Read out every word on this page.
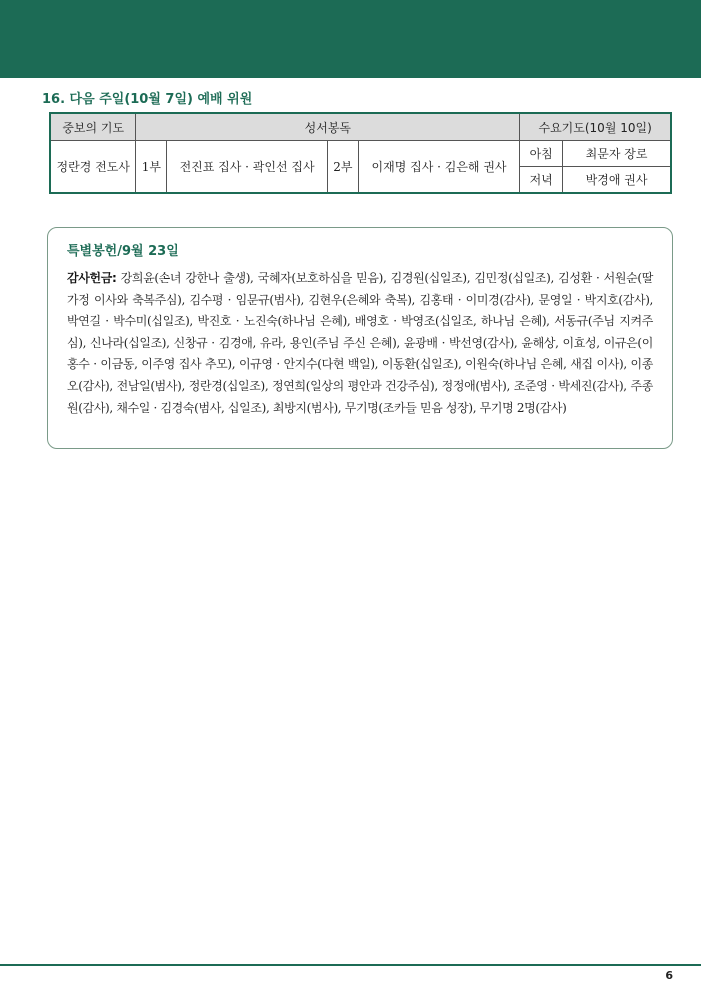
16. 다음 주일(10월 7일) 예배 위원
중보의 기도	성서봉독				수요기도(10월 10일)	
정란경 전도사	1부	전진표 집사 · 곽인선 집사	2부	이재명 집사 · 김은해 권사	아침	최문자 장로
					저녁	박경애 권사
특별봉헌/9월 23일
감사헌금: 강희윤(손녀 강한나 출생), 국혜자(보호하심을 믿음), 김경원(십일조), 김민정(십일조), 김성환 · 서원순(딸 가정 이사와 축복주심), 김수평 · 임문규(범사), 김현우(은혜와 축복), 김홍태 · 이미경(감사), 문영일 · 박지호(감사), 박연길 · 박수미(십일조), 박진호 · 노진숙(하나님 은혜), 배영호 · 박영조(십일조, 하나님 은혜), 서동규(주님 지켜주심), 신나라(십일조), 신창규 · 김경애, 유라, 용인(주님 주신 은혜), 윤광배 · 박선영(감사), 윤해상, 이효성, 이규은(이홍수 · 이금동, 이주영 집사 추모), 이규영 · 안지수(다현 백일), 이동환(십일조), 이원숙(하나님 은혜, 새집 이사), 이종오(감사), 전남일(범사), 정란경(십일조), 정연희(일상의 평안과 건강주심), 정정애(범사), 조준영 · 박세진(감사), 주종원(감사), 채수일 · 김경숙(범사, 십일조), 최방지(범사), 무기명(조카들 믿음 성장), 무기명 2명(감사)
6
